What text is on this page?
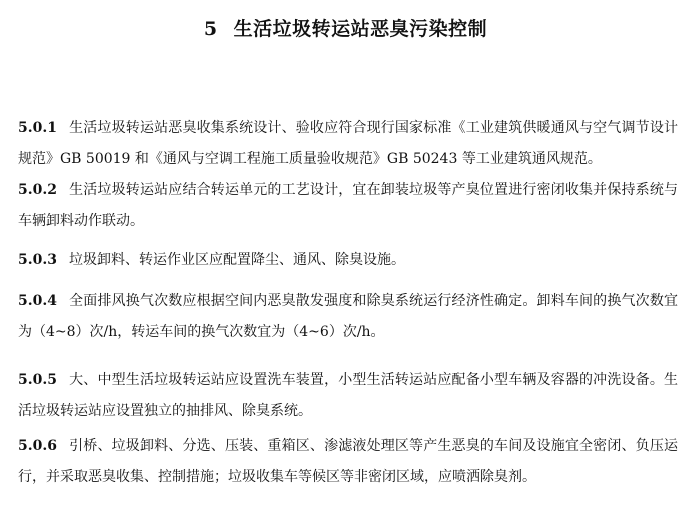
5 生活垃圾转运站恶臭污染控制
5.0.1 生活垃圾转运站恶臭收集系统设计、验收应符合现行国家标准《工业建筑供暖通风与空气调节设计规范》GB 50019 和《通风与空调工程施工质量验收规范》GB 50243 等工业建筑通风规范。
5.0.2 生活垃圾转运站应结合转运单元的工艺设计，宜在卸装垃圾等产臭位置进行密闭收集并保持系统与车辆卸料动作联动。
5.0.3 垃圾卸料、转运作业区应配置降尘、通风、除臭设施。
5.0.4 全面排风换气次数应根据空间内恶臭散发强度和除臭系统运行经济性确定。卸料车间的换气次数宜为（4~8）次/h，转运车间的换气次数宜为（4~6）次/h。
5.0.5 大、中型生活垃圾转运站应设置洗车装置，小型生活转运站应配备小型车辆及容器的冲洗设备。生活垃圾转运站应设置独立的抽排风、除臭系统。
5.0.6 引桥、垃圾卸料、分选、压装、重箱区、渗滤液处理区等产生恶臭的车间及设施宜全密闭、负压运行，并采取恶臭收集、控制措施；垃圾收集车等候区等非密闭区域，应喷洒除臭剂。
